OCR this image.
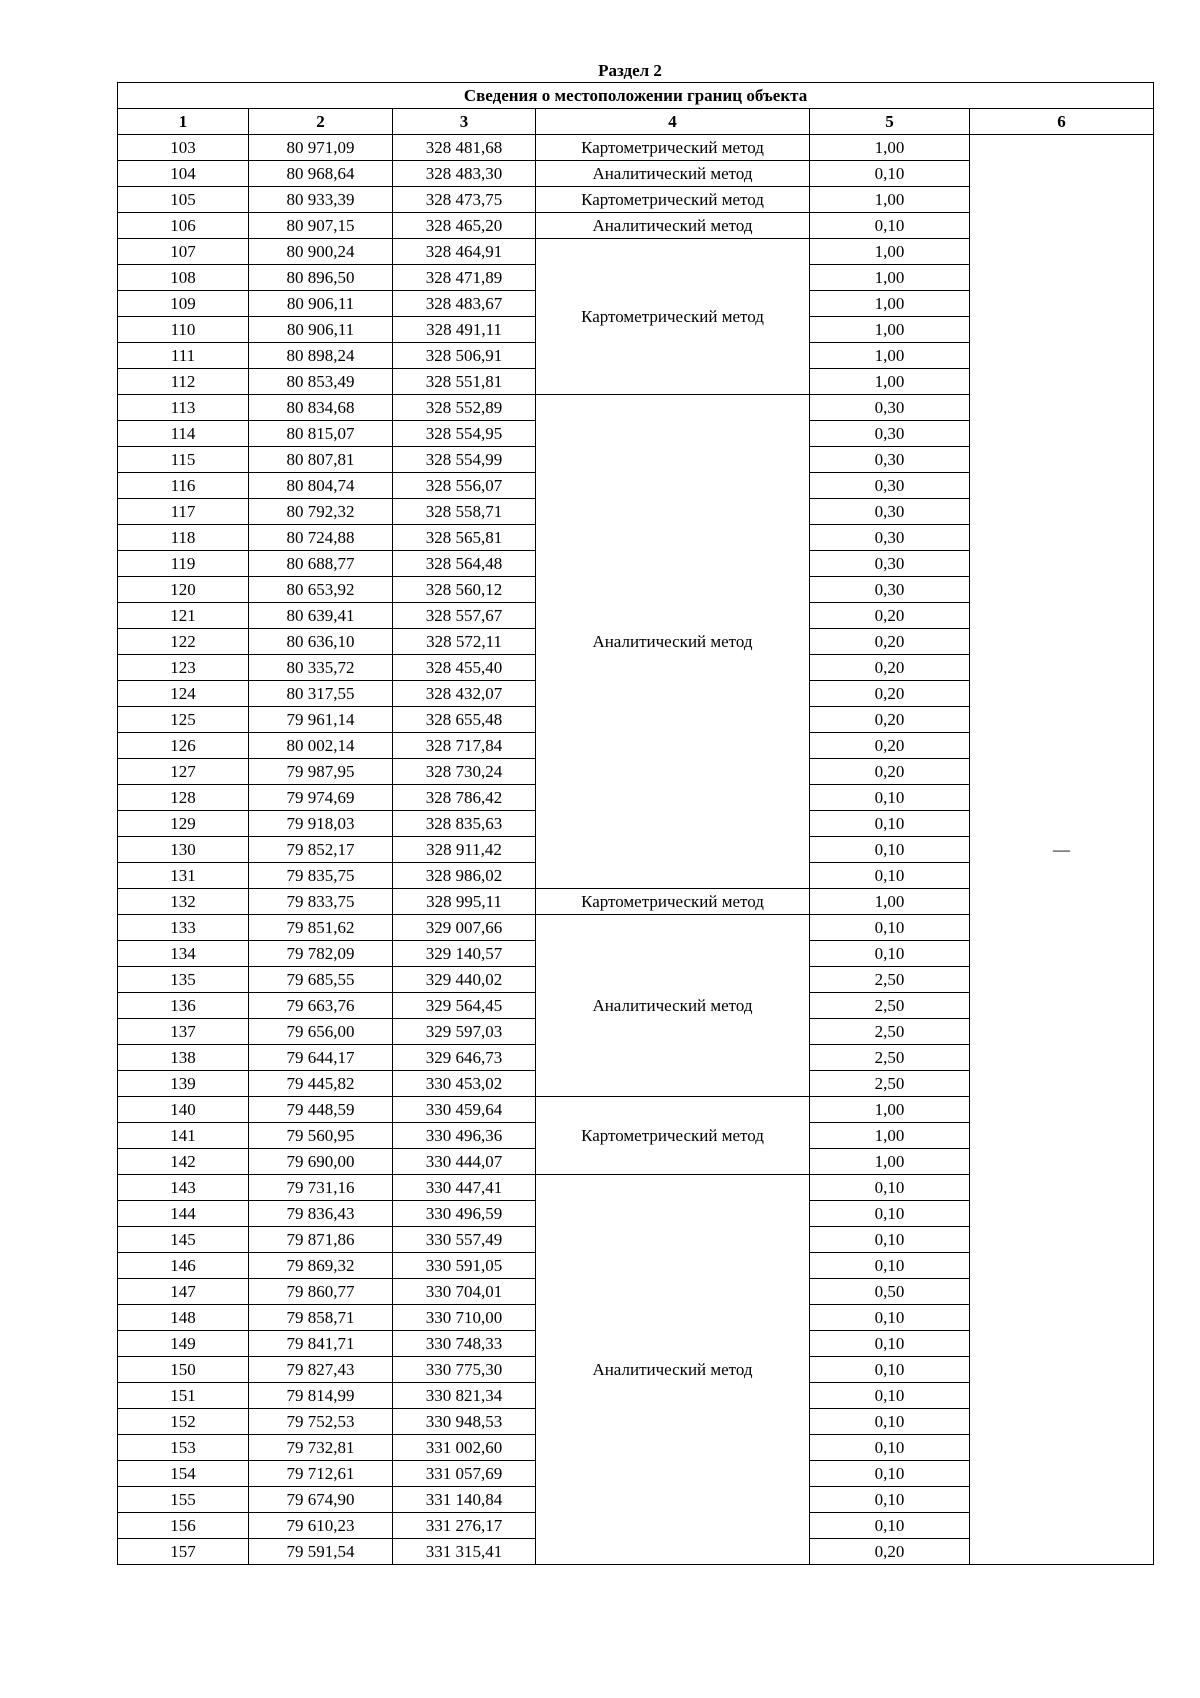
Раздел 2
Сведения о местоположении границ объекта					
1	2	3	4	5	6
103	80 971,09	328 481,68	Картометрический метод	1,00	—
104	80 968,64	328 483,30	Аналитический метод	0,10	
105	80 933,39	328 473,75	Картометрический метод	1,00	
106	80 907,15	328 465,20	Аналитический метод	0,10	
107	80 900,24	328 464,91	Картометрический метод	1,00	
108	80 896,50	328 471,89		1,00	
109	80 906,11	328 483,67		1,00	
110	80 906,11	328 491,11		1,00	
111	80 898,24	328 506,91		1,00	
112	80 853,49	328 551,81		1,00	
113	80 834,68	328 552,89	Аналитический метод	0,30	
114	80 815,07	328 554,95		0,30	
115	80 807,81	328 554,99		0,30	
116	80 804,74	328 556,07		0,30	
117	80 792,32	328 558,71		0,30	
118	80 724,88	328 565,81		0,30	
119	80 688,77	328 564,48		0,30	
120	80 653,92	328 560,12		0,30	
121	80 639,41	328 557,67		0,20	
122	80 636,10	328 572,11		0,20	
123	80 335,72	328 455,40		0,20	
124	80 317,55	328 432,07		0,20	
125	79 961,14	328 655,48		0,20	
126	80 002,14	328 717,84		0,20	
127	79 987,95	328 730,24		0,20	
128	79 974,69	328 786,42		0,10	
129	79 918,03	328 835,63		0,10	
130	79 852,17	328 911,42		0,10	
131	79 835,75	328 986,02		0,10	
132	79 833,75	328 995,11	Картометрический метод	1,00	
133	79 851,62	329 007,66	Аналитический метод	0,10	
134	79 782,09	329 140,57		0,10	
135	79 685,55	329 440,02		2,50	
136	79 663,76	329 564,45		2,50	
137	79 656,00	329 597,03		2,50	
138	79 644,17	329 646,73		2,50	
139	79 445,82	330 453,02		2,50	
140	79 448,59	330 459,64	Картометрический метод	1,00	
141	79 560,95	330 496,36		1,00	
142	79 690,00	330 444,07		1,00	
143	79 731,16	330 447,41	Аналитический метод	0,10	
144	79 836,43	330 496,59		0,10	
145	79 871,86	330 557,49		0,10	
146	79 869,32	330 591,05		0,10	
147	79 860,77	330 704,01		0,50	
148	79 858,71	330 710,00		0,10	
149	79 841,71	330 748,33		0,10	
150	79 827,43	330 775,30		0,10	
151	79 814,99	330 821,34		0,10	
152	79 752,53	330 948,53		0,10	
153	79 732,81	331 002,60		0,10	
154	79 712,61	331 057,69		0,10	
155	79 674,90	331 140,84		0,10	
156	79 610,23	331 276,17		0,10	
157	79 591,54	331 315,41		0,20	
